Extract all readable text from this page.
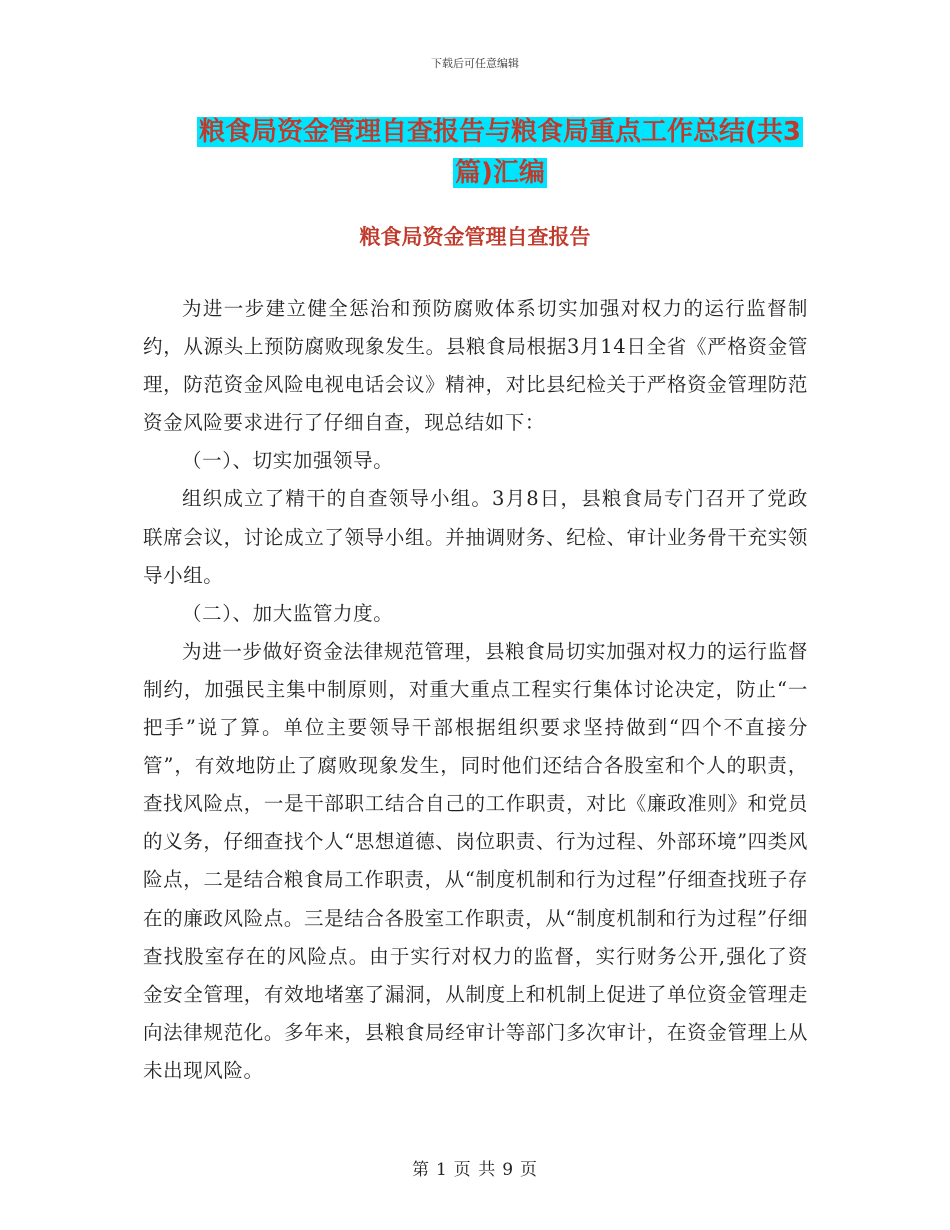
下载后可任意编辑
粮食局资金管理自查报告与粮食局重点工作总结(共3篇)汇编
粮食局资金管理自查报告

为进一步建立健全惩治和预防腐败体系切实加强对权力的运行监督制约，从源头上预防腐败现象发生。县粮食局根据3月14日全省《严格资金管理，防范资金风险电视电话会议》精神，对比县纪检关于严格资金管理防范资金风险要求进行了仔细自查，现总结如下：

（一）、切实加强领导。

组织成立了精干的自查领导小组。3月8日，县粮食局专门召开了党政联席会议，讨论成立了领导小组。并抽调财务、纪检、审计业务骨干充实领导小组。

（二）、加大监管力度。

为进一步做好资金法律规范管理，县粮食局切实加强对权力的运行监督制约，加强民主集中制原则，对重大重点工程实行集体讨论决定，防止“一把手”说了算。单位主要领导干部根据组织要求坚持做到“四个不直接分管”，有效地防止了腐败现象发生，同时他们还结合各股室和个人的职责，查找风险点，一是干部职工结合自己的工作职责，对比《廉政准则》和党员的义务，仔细查找个人“思想道德、岗位职责、行为过程、外部环境”四类风险点，二是结合粮食局工作职责，从“制度机制和行为过程”仔细查找班子存在的廉政风险点。三是结合各股室工作职责，从“制度机制和行为过程”仔细查找股室存在的风险点。由于实行对权力的监督，实行财务公开,强化了资金安全管理，有效地堵塞了漏洞，从制度上和机制上促进了单位资金管理走向法律规范化。多年来，县粮食局经审计等部门多次审计，在资金管理上从未出现风险。

第 1 页 共 9 页
